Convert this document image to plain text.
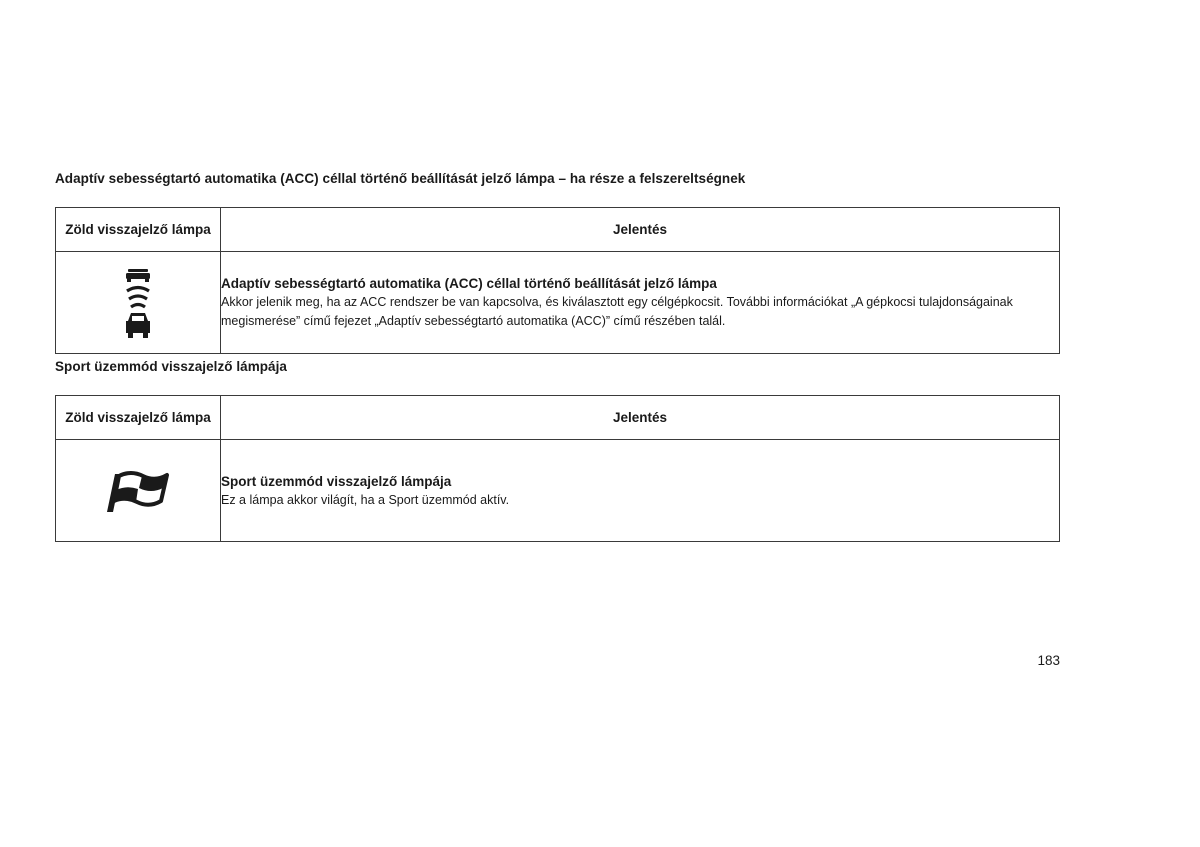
Adaptív sebességtartó automatika (ACC) céllal történő beállítását jelző lámpa – ha része a felszereltségnek
Zöld visszajelző lámpa	Jelentés

Adaptív sebességtartó automatika (ACC) céllal történő beállítását jelző lámpa
Akkor jelenik meg, ha az ACC rendszer be van kapcsolva, és kiválasztott egy célgépkocsit. További információkat „A gépkocsi tulajdonságainak megismerése” című fejezet „Adaptív sebességtartó automatika (ACC)” című részében talál.
Sport üzemmód visszajelző lámpája
Zöld visszajelző lámpa	Jelentés

Sport üzemmód visszajelző lámpája
Ez a lámpa akkor világít, ha a Sport üzemmód aktív.
183
